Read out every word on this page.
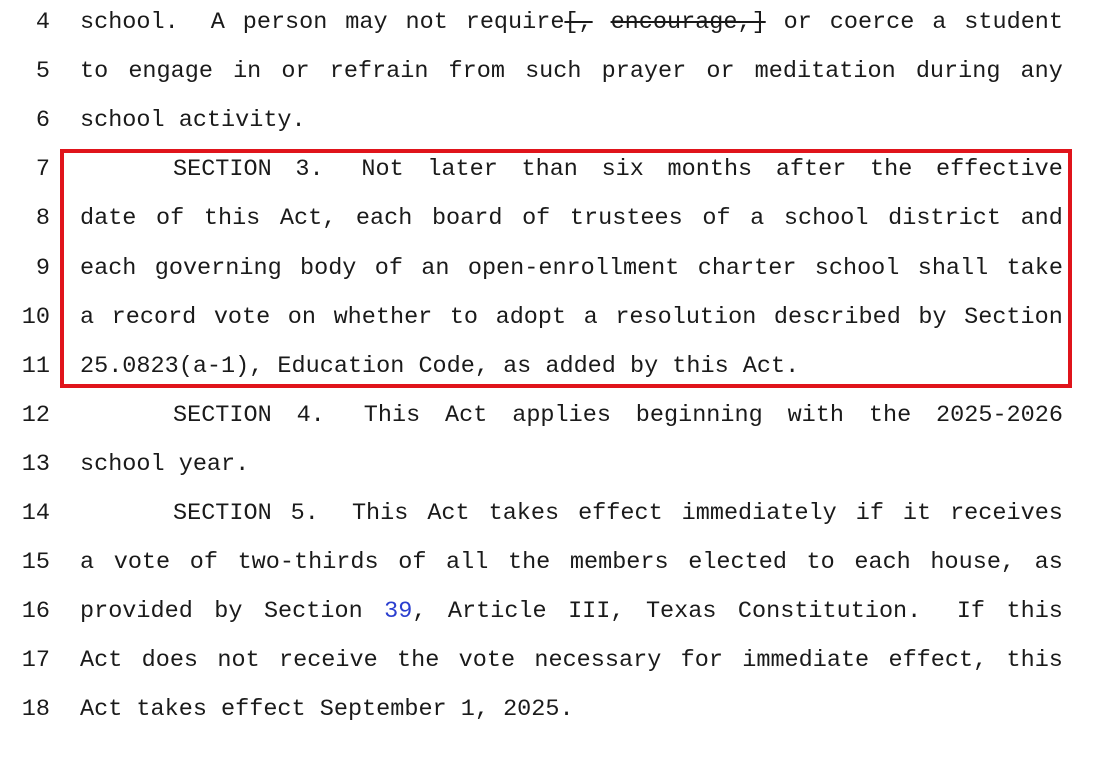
4 school.	A person may not require[, encourage,] or coerce a student
5 to engage in or refrain from such prayer or meditation during any
6 school activity.
7	SECTION 3.	Not later than six months after the effective
8 date of this Act, each board of trustees of a school district and
9 each governing body of an open-enrollment charter school shall take
10 a record vote on whether to adopt a resolution described by Section
11 25.0823(a-1), Education Code, as added by this Act.
12	SECTION 4.	This Act applies beginning with the 2025-2026
13 school year.
14	SECTION 5.	This Act takes effect immediately if it receives
15 a vote of two-thirds of all the members elected to each house, as
16 provided by Section 39, Article III, Texas Constitution.	If this
17 Act does not receive the vote necessary for immediate effect, this
18 Act takes effect September 1, 2025.
